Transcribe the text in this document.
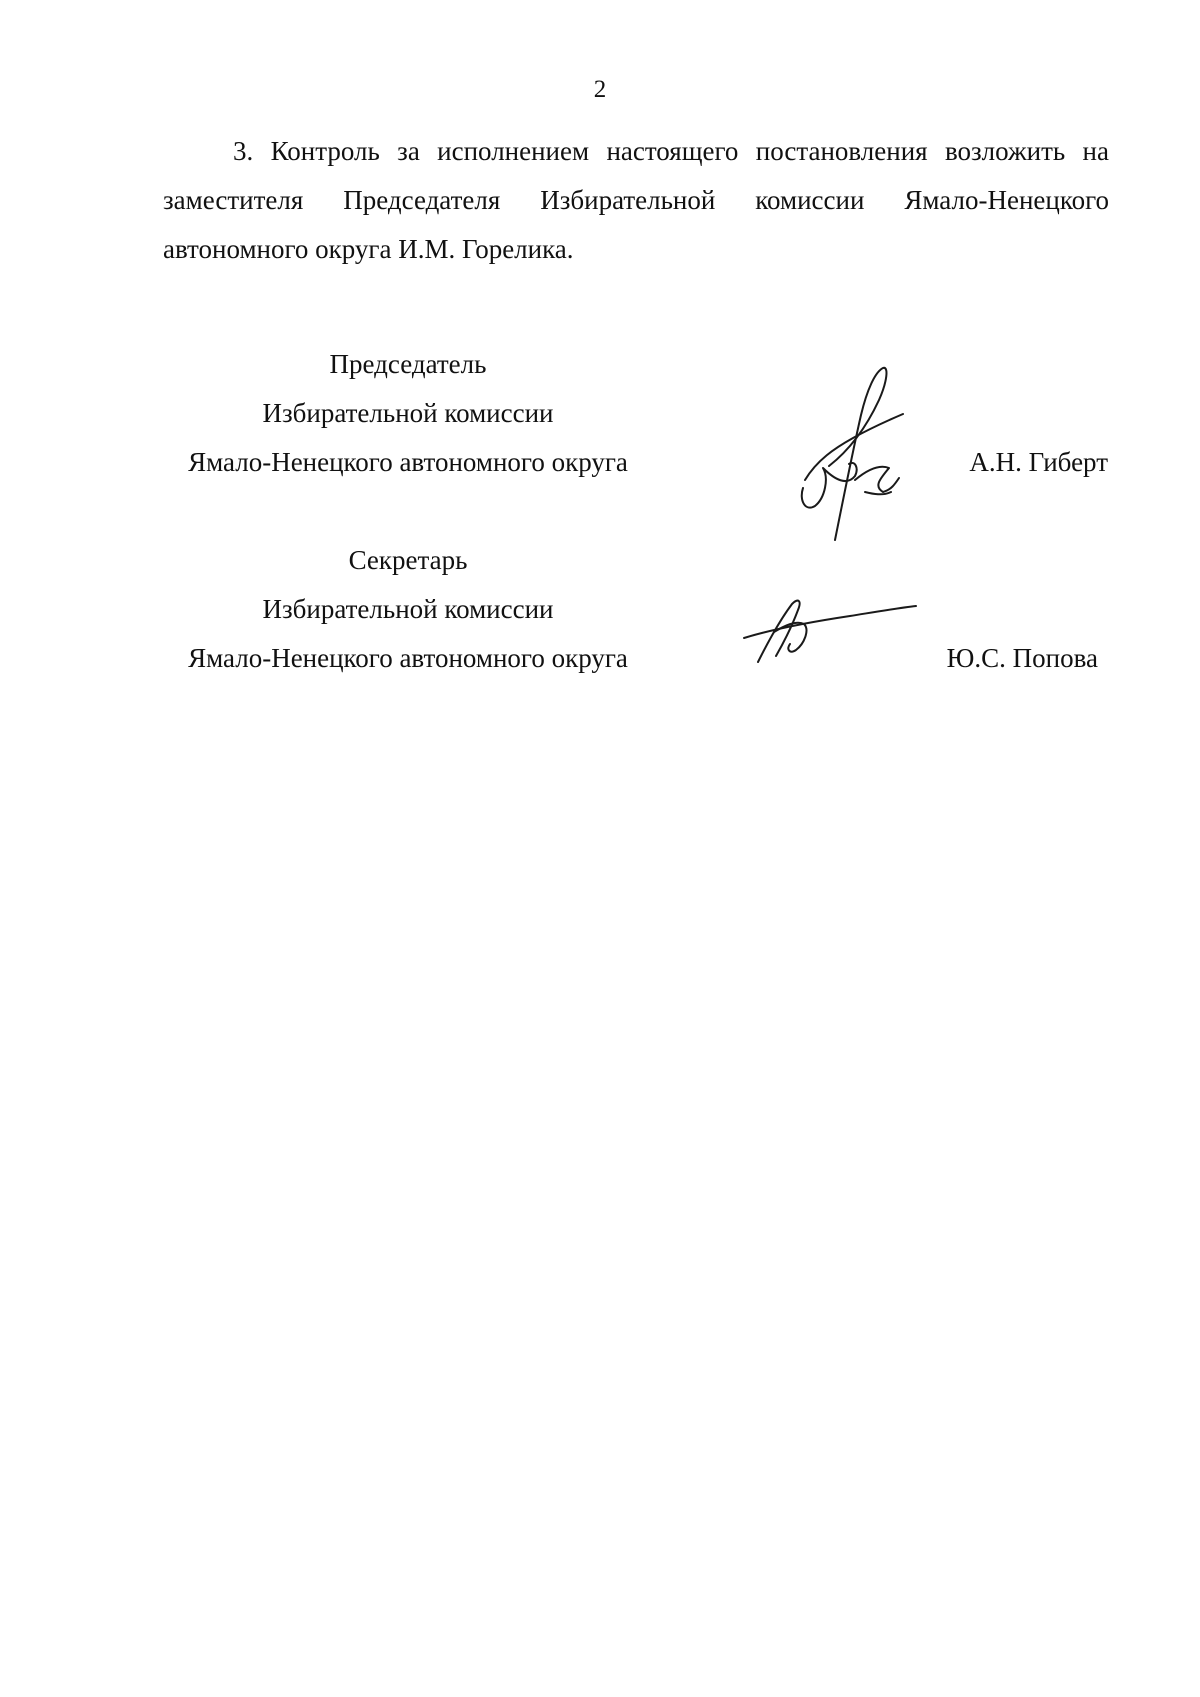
2

3. Контроль за исполнением настоящего постановления возложить на заместителя Председателя Избирательной комиссии Ямало-Ненецкого автономного округа И.М. Горелика.

Председатель
Избирательной комиссии
Ямало-Ненецкого автономного округа	А.Н. Гиберт
Секретарь
Избирательной комиссии
Ямало-Ненецкого автономного округа	Ю.С. Попова
